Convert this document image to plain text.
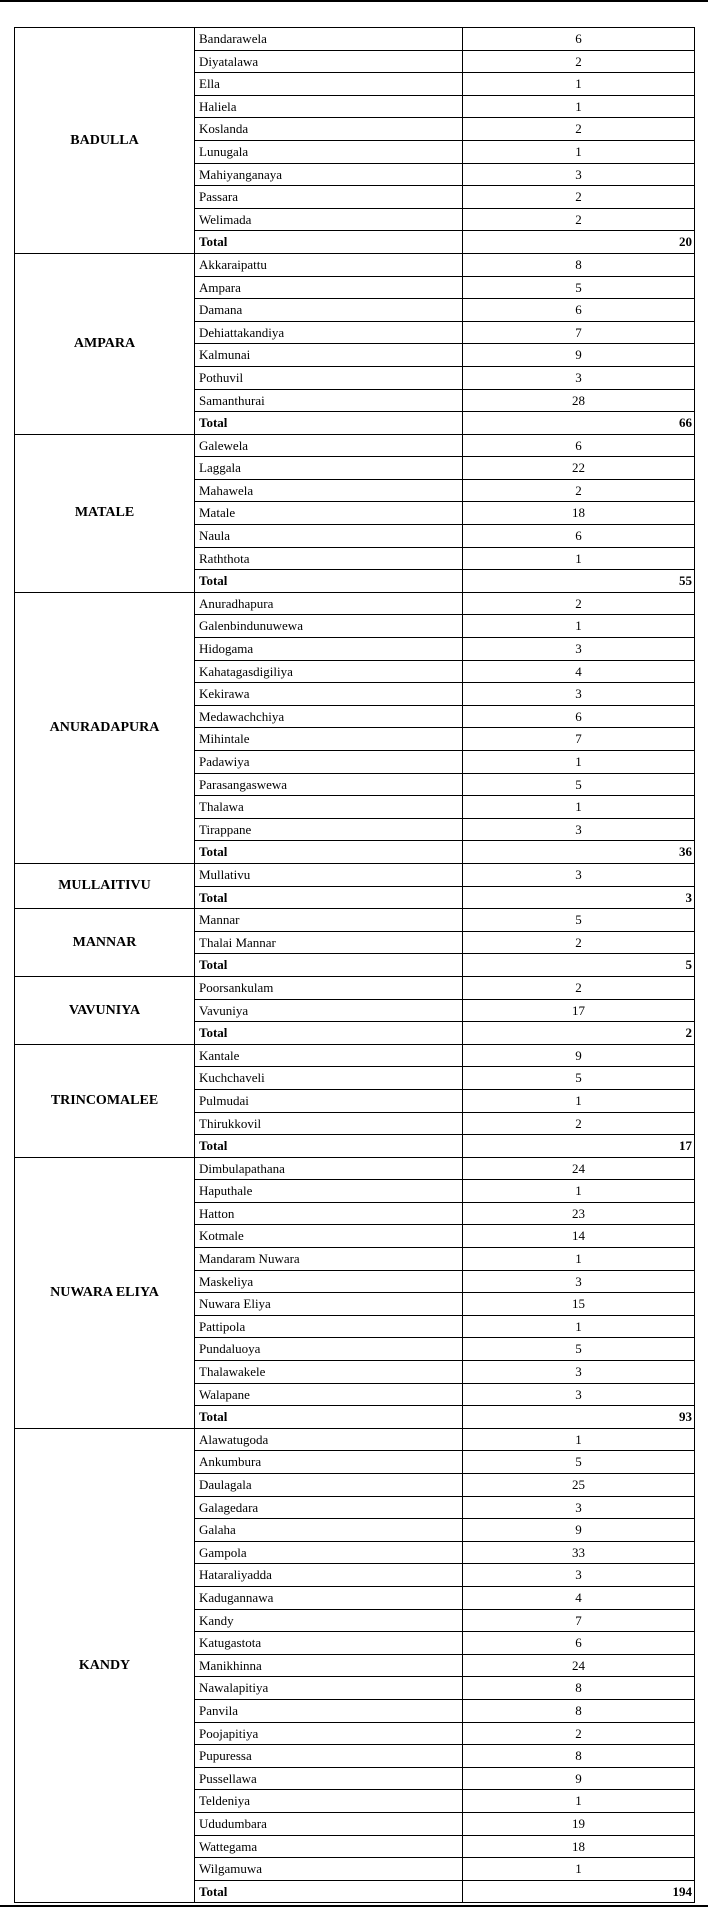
BADULLA	Bandarawela	6
	Diyatalawa	2
	Ella	1
	Haliela	1
	Koslanda	2
	Lunugala	1
	Mahiyanganaya	3
	Passara	2
	Welimada	2
	Total	20
AMPARA	Akkaraipattu	8
	Ampara	5
	Damana	6
	Dehiattakandiya	7
	Kalmunai	9
	Pothuvil	3
	Samanthurai	28
	Total	66
MATALE	Galewela	6
	Laggala	22
	Mahawela	2
	Matale	18
	Naula	6
	Raththota	1
	Total	55
ANURADAPURA	Anuradhapura	2
	Galenbindunuwewa	1
	Hidogama	3
	Kahatagasdigiliya	4
	Kekirawa	3
	Medawachchiya	6
	Mihintale	7
	Padawiya	1
	Parasangaswewa	5
	Thalawa	1
	Tirappane	3
	Total	36
MULLAITIVU	Mullativu	3
	Total	3
MANNAR	Mannar	5
	Thalai Mannar	2
	Total	5
VAVUNIYA	Poorsankulam	2
	Vavuniya	17
	Total	2
TRINCOMALEE	Kantale	9
	Kuchchaveli	5
	Pulmudai	1
	Thirukkovil	2
	Total	17
NUWARA ELIYA	Dimbulapathana	24
	Haputhale	1
	Hatton	23
	Kotmale	14
	Mandaram Nuwara	1
	Maskeliya	3
	Nuwara Eliya	15
	Pattipola	1
	Pundaluoya	5
	Thalawakele	3
	Walapane	3
	Total	93
KANDY	Alawatugoda	1
	Ankumbura	5
	Daulagala	25
	Galagedara	3
	Galaha	9
	Gampola	33
	Hataraliyadda	3
	Kadugannawa	4
	Kandy	7
	Katugastota	6
	Manikhinna	24
	Nawalapitiya	8
	Panvila	8
	Poojapitiya	2
	Pupuressa	8
	Pussellawa	9
	Teldeniya	1
	Ududumbara	19
	Wattegama	18
	Wilgamuwa	1
	Total	194
